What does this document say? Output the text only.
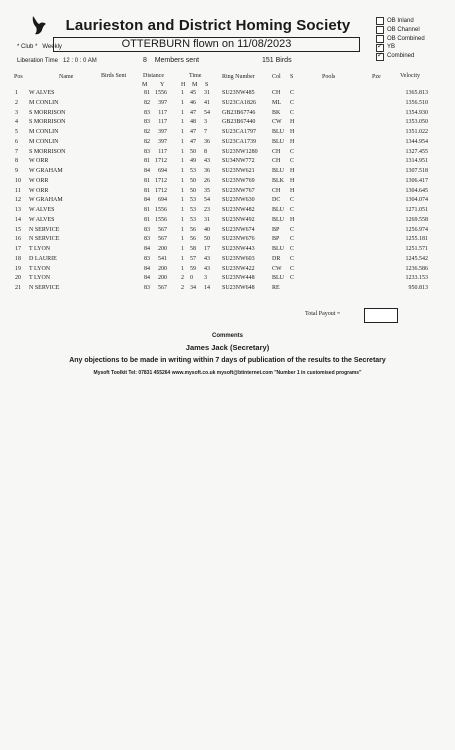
Laurieston and District Homing Society
OTTERBURN flown on 11/08/2023
OB Inland
OB Channel
OB Combined
✓
YB
✓
Combined
* Club * Weekly
Liberation Time 12 : 0 : 0 AM	8 Members sent	151 Birds
Pos	Name	Birds Sent	Distance
M Y
Time
H M S
Ring Number	Col S	Pools	Pze	Velocity
1 W ALVES	81 1556 1 45 31 SU23NW485	CH C	1365.813
2 M CONLIN	82	397 1 46 41 SU23CA1826	ML C	1356.510
3 S MORRISON	83	117 1 47 54 GB23B67746	BK C	1354.930
4 S MORRISON	83	117 1 48 3	GB23B67440	CW H	1353.050
5 M CONLIN	82	397 1 47 7	SU23CA1797	BLU H	1351.022
6 M CONLIN	82	397 1 47 36 SU23CA1739	BLU H	1344.954
7 S MORRISON	83	117 1 50 8	SU23NW1280 CH C	1327.455
8 W ORR	81 1712 1 49 43 SU34NW772	CH C	1314.951
9 W GRAHAM	84	694 1 53 36 SU23NW621	BLU H	1307.518
10 W ORR	81 1712 1 50 26 SU23NW769	BLK H	1306.417
11 W ORR	81 1712 1 50 35 SU23NW767	CH H	1304.645
12 W GRAHAM	84	694 1 53 54 SU23NW630	DC C	1304.074
13 W ALVES	81 1556 1 53 23 SU23NW482	BLU C	1271.051
14 W ALVES	81 1556 1 53 31 SU23NW492	BLU H	1269.558
15 N SERVICE	83	567 1 56 40 SU23NW674	BP C	1256.974
16 N SERVICE	83	567 1 56 50 SU23NW676	BP C	1255.181
17 T LYON	84	200 1 58 17 SU23NW443	BLU C	1251.571
18 D LAURIE	83	541 1 57 43 SU23NW603	DR C	1245.542
19 T LYON	84	200 1 59 43 SU23NW422	CW C	1236.586
20 T LYON	84	200 2 0 3	SU23NW448	BLU C	1233.153
21 N SERVICE	83	567 2 34 14 SU23NW648	RE	950.813
Total Payout =
Comments
James Jack (Secretary)
Any objections to be made in writing within 7 days of publication of the results to the Secretary
Mysoft Toolkit Tel: 07831 455264 www.mysoft.co.uk mysoft@btinternet.com "Number 1 in customised programs"
